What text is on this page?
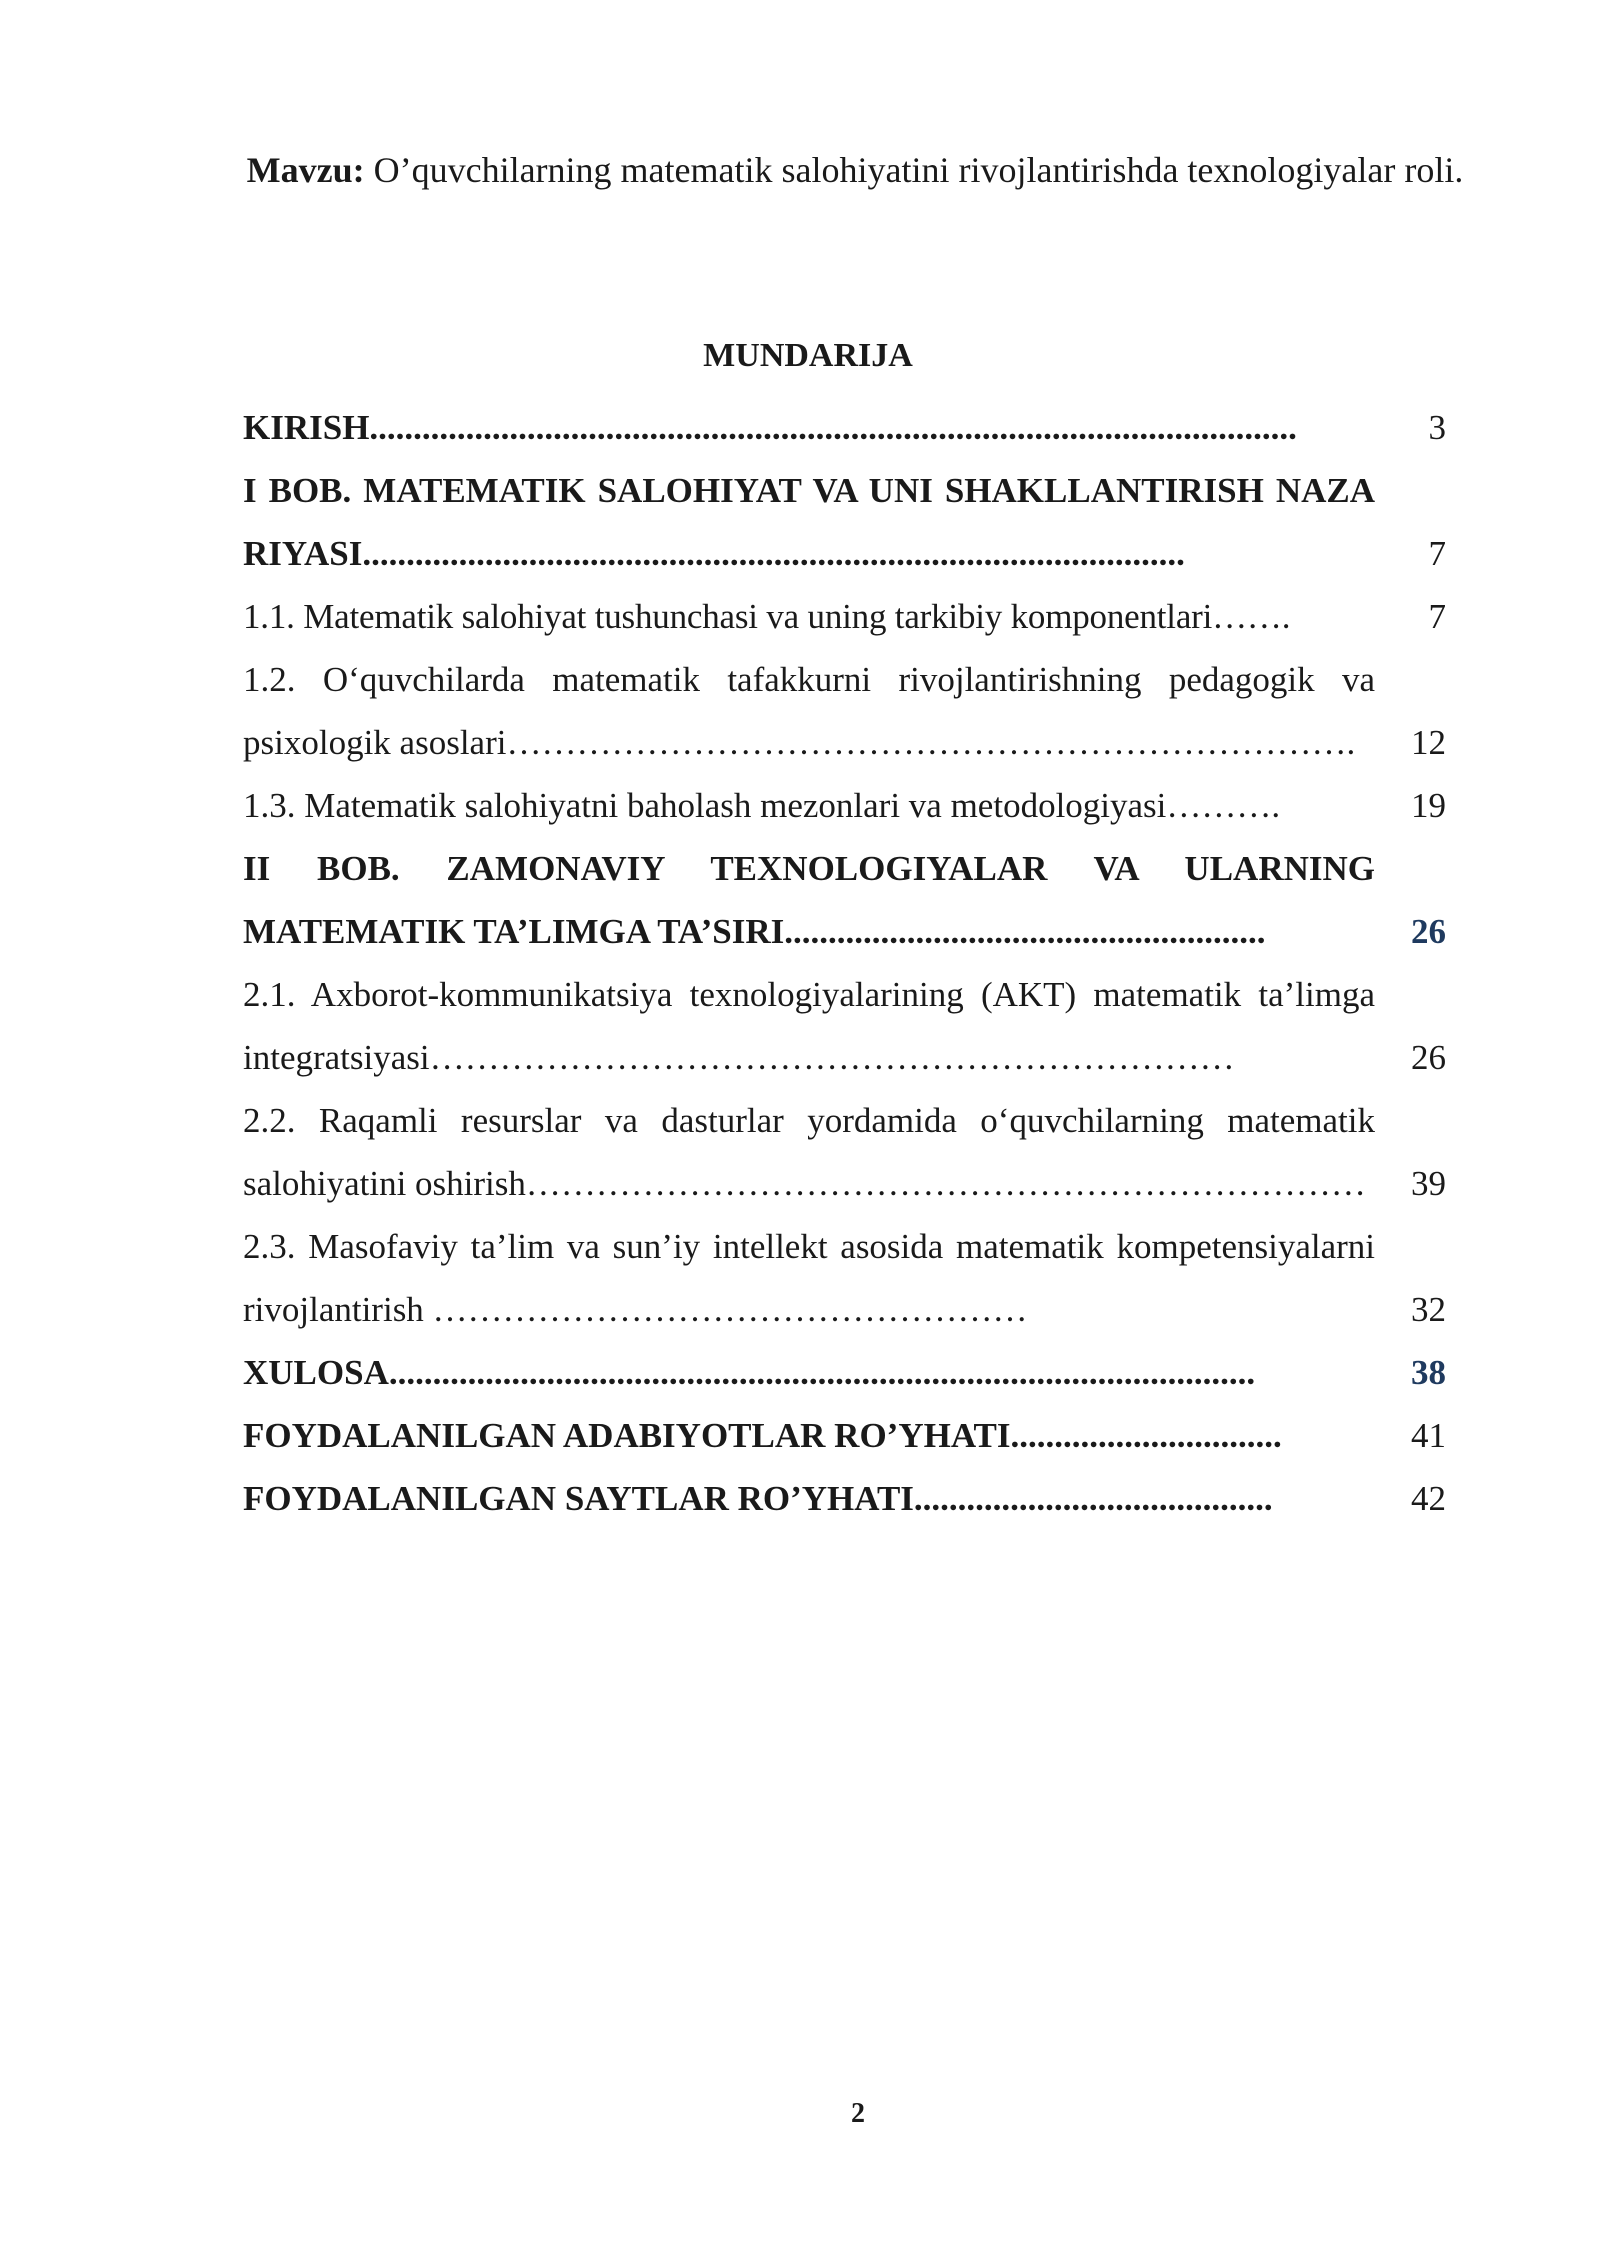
Mavzu: O’quvchilarning matematik salohiyatini rivojlantirishda texnologiyalar roli.
MUNDARIJA
KIRISH..........................................................................................................	3
I BOB. MATEMATIK SALOHIYAT VA UNI SHAKLLANTIRISH NAZARIYASI..............................................................................................	7
1.1. Matematik salohiyat tushunchasi va uning tarkibiy komponentlari…….	7
1.2. O‘quvchilarda matematik tafakkurni rivojlantirishning pedagogik va psixologik asoslari……………………………………………………………….	12
1.3. Matematik salohiyatni baholash mezonlari va metodologiyasi……….	19
II BOB. ZAMONAVIY TEXNOLOGIYALAR VA ULARNING MATEMATIK TA’LIMGA TA’SIRI.......................................................	26
2.1. Axborot-kommunikatsiya texnologiyalarining (AKT) matematik ta’limga integratsiyasi……………………………………………………………	26
2.2. Raqamli resurslar va dasturlar yordamida o‘quvchilarning matematik salohiyatini oshirish………………………………………………………………	39
2.3. Masofaviy ta’lim va sun’iy intellekt asosida matematik kompetensiyalarni rivojlantirish ……………………………………………	32
XULOSA...................................................................................................	38
FOYDALANILGAN ADABIYOTLAR RO’YHATI...............................	41
FOYDALANILGAN SAYTLAR RO’YHATI.........................................	42
2
